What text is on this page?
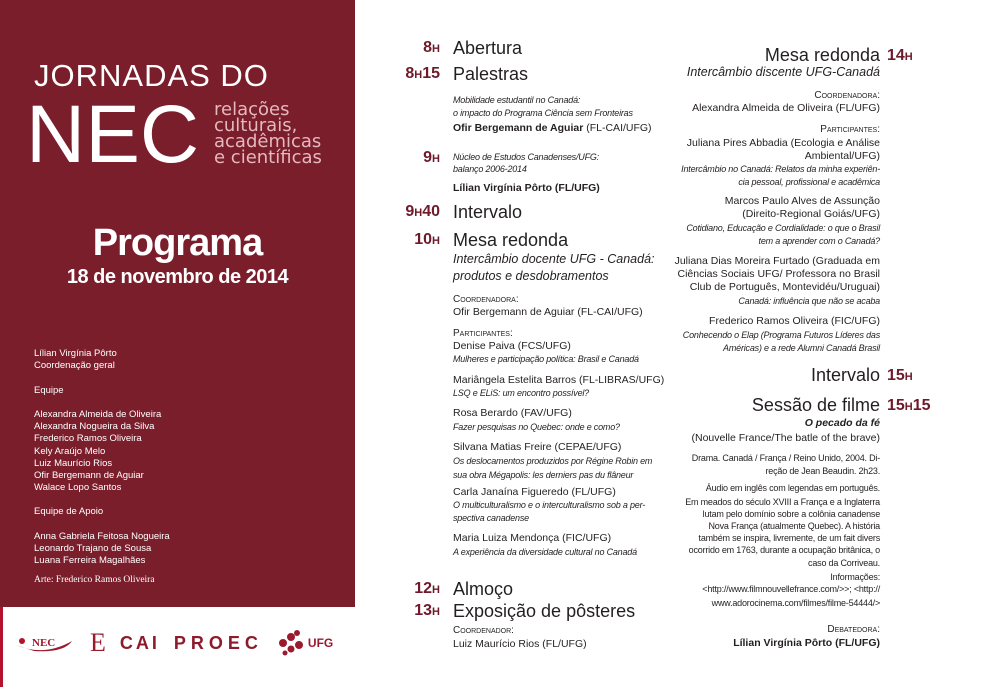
JORNADAS DO
NEC relações
culturais,
acadêmicas
e científicas
Programa
18 de novembro de 2014
Lílian Virgínia Pôrto
Coordenação geral
Equipe
Alexandra Almeida de Oliveira
Alexandra Nogueira da Silva
Frederico Ramos Oliveira
Kely Araújo Melo
Luiz Maurício Rios
Ofir Bergemann de Aguiar
Walace Lopo Santos
Equipe de Apoio
Anna Gabriela Feitosa Nogueira
Leonardo Trajano de Sousa
Luana Ferreira Magalhães
Arte: Frederico Ramos Oliveira
NEC E CAI PROEC	UFG
8h Abertura
8h15 Palestras
Mobilidade estudantil no Canadá:
o impacto do Programa Ciência sem Fronteiras
Ofir Bergemann de Aguiar (FL-CAI/UFG)
9h Núcleo de Estudos Canadenses/UFG:
balanço 2006-2014
Lílian Virgínia Pôrto (FL/UFG)
9h40 Intervalo
10h Mesa redonda
Intercâmbio docente UFG - Canadá:
produtos e desdobramentos
Coordenadora:
Ofir Bergemann de Aguiar (FL-CAI/UFG)
Participantes:
Denise Paiva (FCS/UFG)
Mulheres e participação política: Brasil e Canadá
Mariângela Estelita Barros (FL-LIBRAS/UFG)
LSQ e ELiS: um encontro possível?
Rosa Berardo (FAV/UFG)
Fazer pesquisas no Quebec: onde e como?
Silvana Matias Freire (CEPAE/UFG)
Os deslocamentos produzidos por Régine Robin em
sua obra Mégapolis: les derniers pas du flâneur
Carla Janaína Figueredo (FL/UFG)
O multiculturalismo e o interculturalismo sob a per-
spectiva canadense
Maria Luiza Mendonça (FIC/UFG)
A experiência da diversidade cultural no Canadá
12h Almoço
13h Exposição de pôsteres
Coordenador:
Luiz Maurício Rios (FL/UFG)
Mesa redonda 14h
Intercâmbio discente UFG-Canadá
Coordenadora:
Alexandra Almeida de Oliveira (FL/UFG)
Participantes:
Juliana Pires Abbadia (Ecologia e Análise
Ambiental/UFG)
Intercâmbio no Canadá: Relatos da minha experiên-
cia pessoal, profissional e acadêmica
Marcos Paulo Alves de Assunção
(Direito-Regional Goiás/UFG)
Cotidiano, Educação e Cordialidade: o que o Brasil
tem a aprender com o Canadá?
Juliana Dias Moreira Furtado (Graduada em
Ciências Sociais UFG/ Professora no Brasil
Club de Português, Montevidéu/Uruguai)
Canadá: influência que não se acaba
Frederico Ramos Oliveira (FIC/UFG)
Conhecendo o Elap (Programa Futuros Líderes das
Américas) e a rede Alumni Canadá Brasil
Intervalo 15h
Sessão de filme 15h15
O pecado da fé
(Nouvelle France/The batle of the brave)
Drama. Canadá / França / Reino Unido, 2004. Di-
reção de Jean Beaudin. 2h23.
Áudio em inglês com legendas em português.
Em meados do século XVIII a França e a Inglaterra
lutam pelo domínio sobre a colônia canadense
Nova França (atualmente Quebec). A história
também se inspira, livremente, de um fait divers
ocorrido em 1763, durante a ocupação britânica, o
caso da Corriveau.
Informações:
<http://www.filmnouvellefrance.com/>>; <http://
www.adorocinema.com/filmes/filme-54444/>
Debatedora:
Lílian Virgínia Pôrto (FL/UFG)
